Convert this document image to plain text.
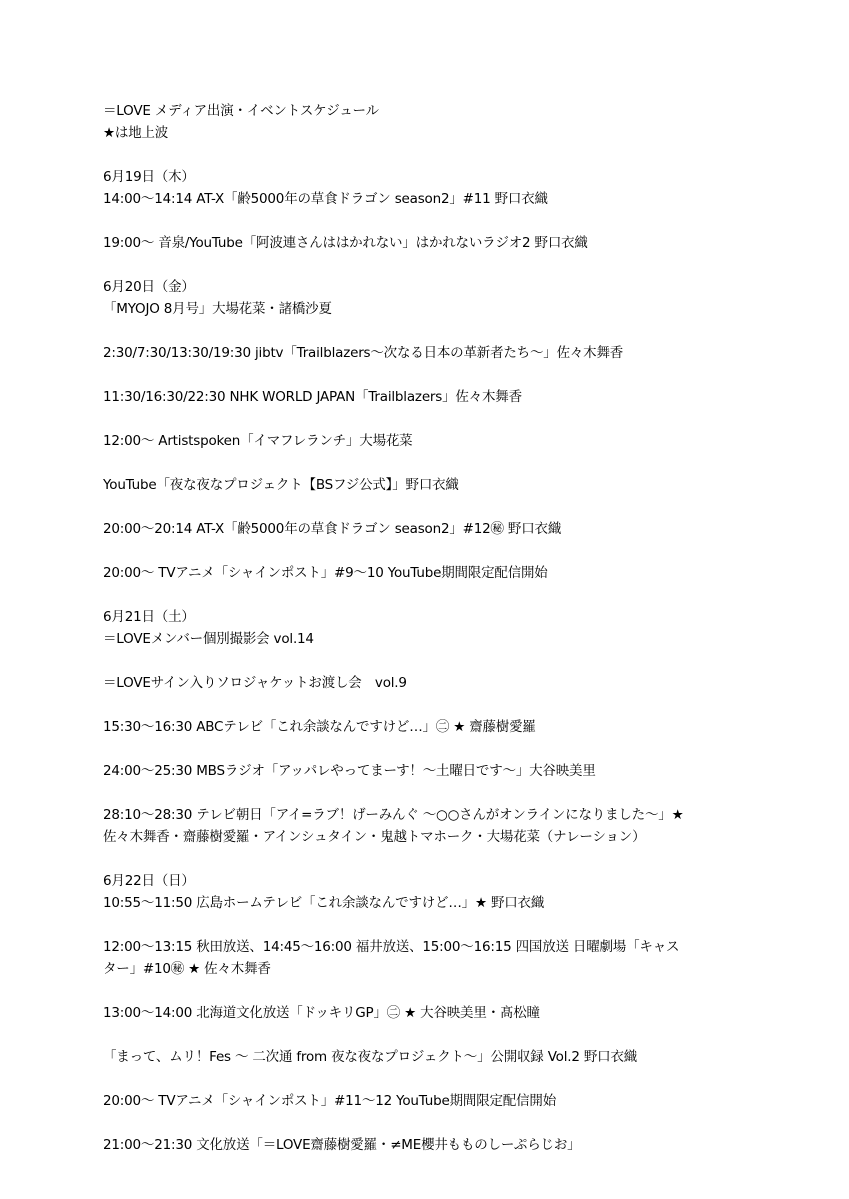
＝LOVE メディア出演・イベントスケジュール
★は地上波
6月19日（木）
14:00～14:14 AT-X「齢5000年の草食ドラゴン season2」#11 野口衣織
19:00～ 音泉/YouTube「阿波連さんははかれない」はかれないラジオ2 野口衣織
6月20日（金）
「MYOJO 8月号」大場花菜・諸橋沙夏
2:30/7:30/13:30/19:30 jibtv「Trailblazers～次なる日本の革新者たち～」佐々木舞香
11:30/16:30/22:30 NHK WORLD JAPAN「Trailblazers」佐々木舞香
12:00～ Artistspoken「イマフレランチ」大場花菜
YouTube「夜な夜なプロジェクト【BSフジ公式】」野口衣織
20:00～20:14 AT-X「齢5000年の草食ドラゴン season2」#12㊙ 野口衣織
20:00～ TVアニメ「シャインポスト」#9～10 YouTube期間限定配信開始
6月21日（土）
＝LOVEメンバー個別撮影会 vol.14
＝LOVEサイン入りソロジャケットお渡し会　vol.9
15:30～16:30 ABCテレビ「これ余談なんですけど…」㊁ ★ 齋藤樹愛羅
24:00～25:30 MBSラジオ「アッパレやってまーす！～土曜日です～」大谷映美里
28:10～28:30 テレビ朝日「アイ=ラブ！げーみんぐ ～○○さんがオンラインになりました～」★
佐々木舞香・齋藤樹愛羅・アインシュタイン・鬼越トマホーク・大場花菜（ナレーション）
6月22日（日）
10:55～11:50 広島ホームテレビ「これ余談なんですけど…」★ 野口衣織
12:00～13:15 秋田放送、14:45～16:00 福井放送、15:00～16:15 四国放送 日曜劇場「キャス
ター」#10㊙ ★ 佐々木舞香
13:00～14:00 北海道文化放送「ドッキリGP」㊁ ★ 大谷映美里・髙松瞳
「まって、ムリ！Fes ～ 二次通 from 夜な夜なプロジェクト～」公開収録 Vol.2 野口衣織
20:00～ TVアニメ「シャインポスト」#11～12 YouTube期間限定配信開始
21:00～21:30 文化放送「＝LOVE齋藤樹愛羅・≠ME櫻井もものしーぷらじお」
